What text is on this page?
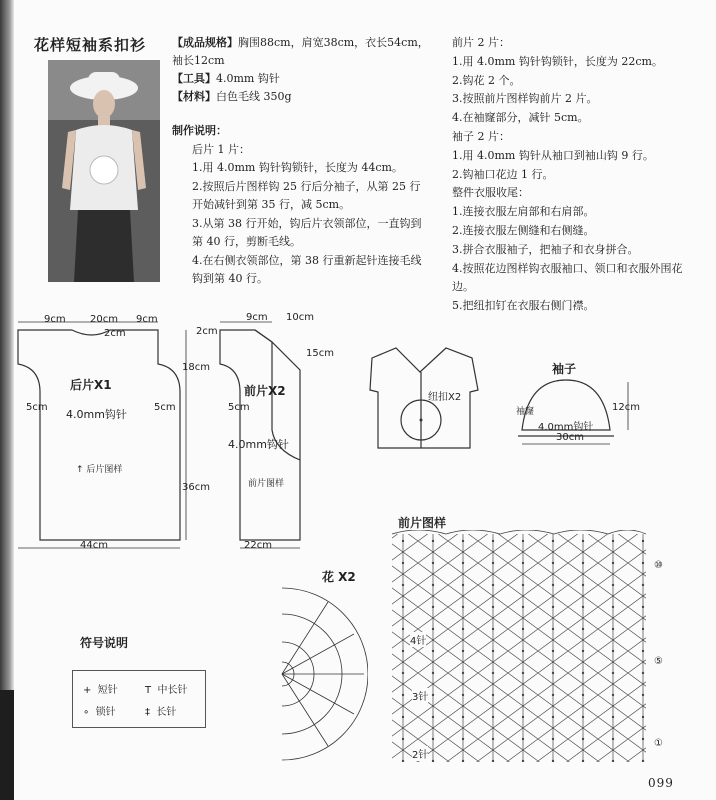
花样短袖系扣衫 【成品规格】胸围88cm，肩宽38cm，衣长54cm，袖长12cm
【工具】4.0mm 钩针
【材料】白色毛线 350g

制作说明：

后片 1 片：

1.用 4.0mm 钩针钩锁针，长度为 44cm。

2.按照后片图样钩 25 行后分袖子，从第 25 行开始减针到第 35 行，减 5cm。

3.从第 38 行开始，钩后片衣领部位，一直钩到第 40 行，剪断毛线。

4.在右侧衣领部位，第 38 行重新起针连接毛线钩到第 40 行。

前片 2 片：

1.用 4.0mm 钩针钩锁针，长度为 22cm。

2.钩花 2 个。

3.按照前片图样钩前片 2 片。

4.在袖窿部分，减针 5cm。

袖子 2 片：

1.用 4.0mm 钩针从袖口到袖山钩 9 行。

2.钩袖口花边 1 行。

整件衣服收尾：

1.连接衣服左肩部和右肩部。

2.连接衣服左侧缝和右侧缝。

3.拼合衣服袖子，把袖子和衣身拼合。

4.按照花边图样钩衣服袖口、领口和衣服外围花边。

5.把纽扣钉在衣服右侧门襟。

9cm 20cm 9cm
2cm	2cm
18cm
36cm
5cm	5cm
44cm
后片X1
4.0mm钩针
↑ 后片图样
9cm 10cm
15cm
5cm
22cm
前片X2
4.0mm钩针
前片图样
纽扣X2
袖子
袖窿
4.0mm钩针
12cm
30cm
花 X2
前片图样
⑩
⑤
①
4针
3针
2针
符号说明
+ 短针	T 中长针
∘ 锁针	‡ 长针
099
